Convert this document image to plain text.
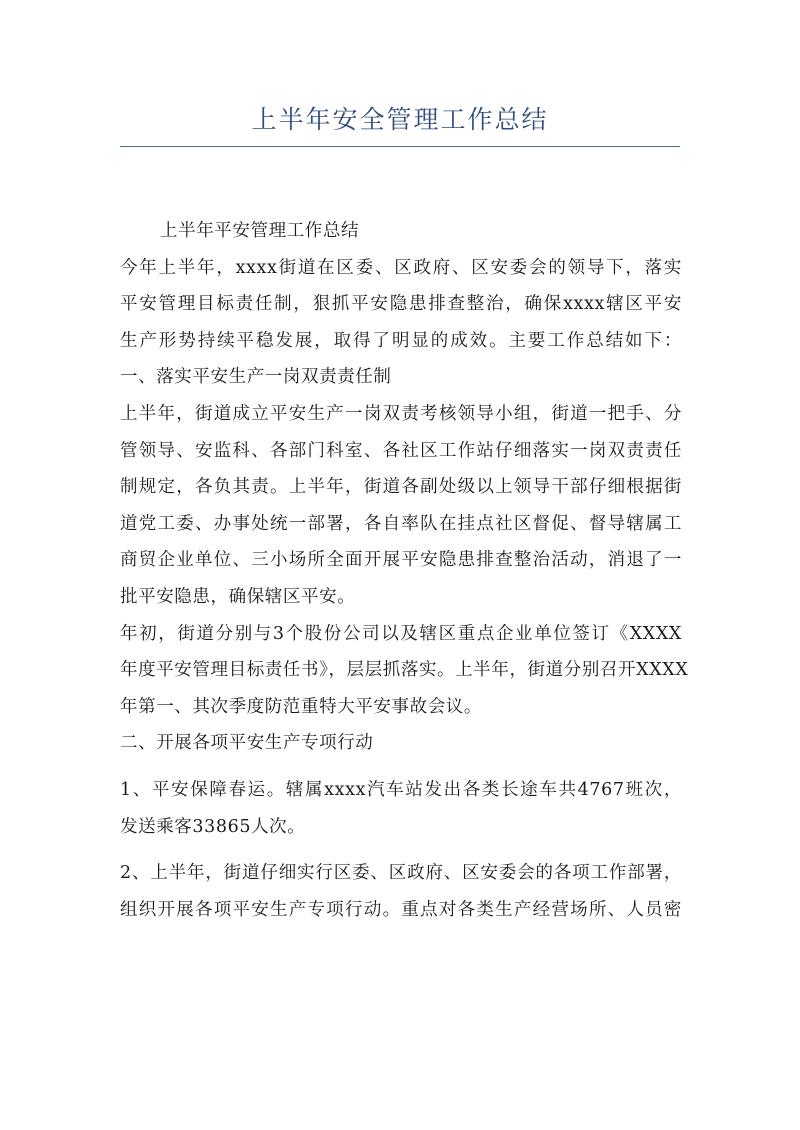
上半年安全管理工作总结
上半年平安管理工作总结
今年上半年，xxxx街道在区委、区政府、区安委会的领导下，落实
平安管理目标责任制，狠抓平安隐患排查整治，确保xxxx辖区平安
生产形势持续平稳发展，取得了明显的成效。主要工作总结如下：
一、落实平安生产一岗双责责任制
上半年，街道成立平安生产一岗双责考核领导小组，街道一把手、分
管领导、安监科、各部门科室、各社区工作站仔细落实一岗双责责任
制规定，各负其责。上半年，街道各副处级以上领导干部仔细根据街
道党工委、办事处统一部署，各自率队在挂点社区督促、督导辖属工
商贸企业单位、三小场所全面开展平安隐患排查整治活动，消退了一
批平安隐患，确保辖区平安。
年初，街道分别与3个股份公司以及辖区重点企业单位签订《XXXX
年度平安管理目标责任书》，层层抓落实。上半年，街道分别召开XXXX
年第一、其次季度防范重特大平安事故会议。
二、开展各项平安生产专项行动
1、平安保障春运。辖属xxxx汽车站发出各类长途车共4767班次，
发送乘客33865人次。
2、上半年，街道仔细实行区委、区政府、区安委会的各项工作部署，
组织开展各项平安生产专项行动。重点对各类生产经营场所、人员密
